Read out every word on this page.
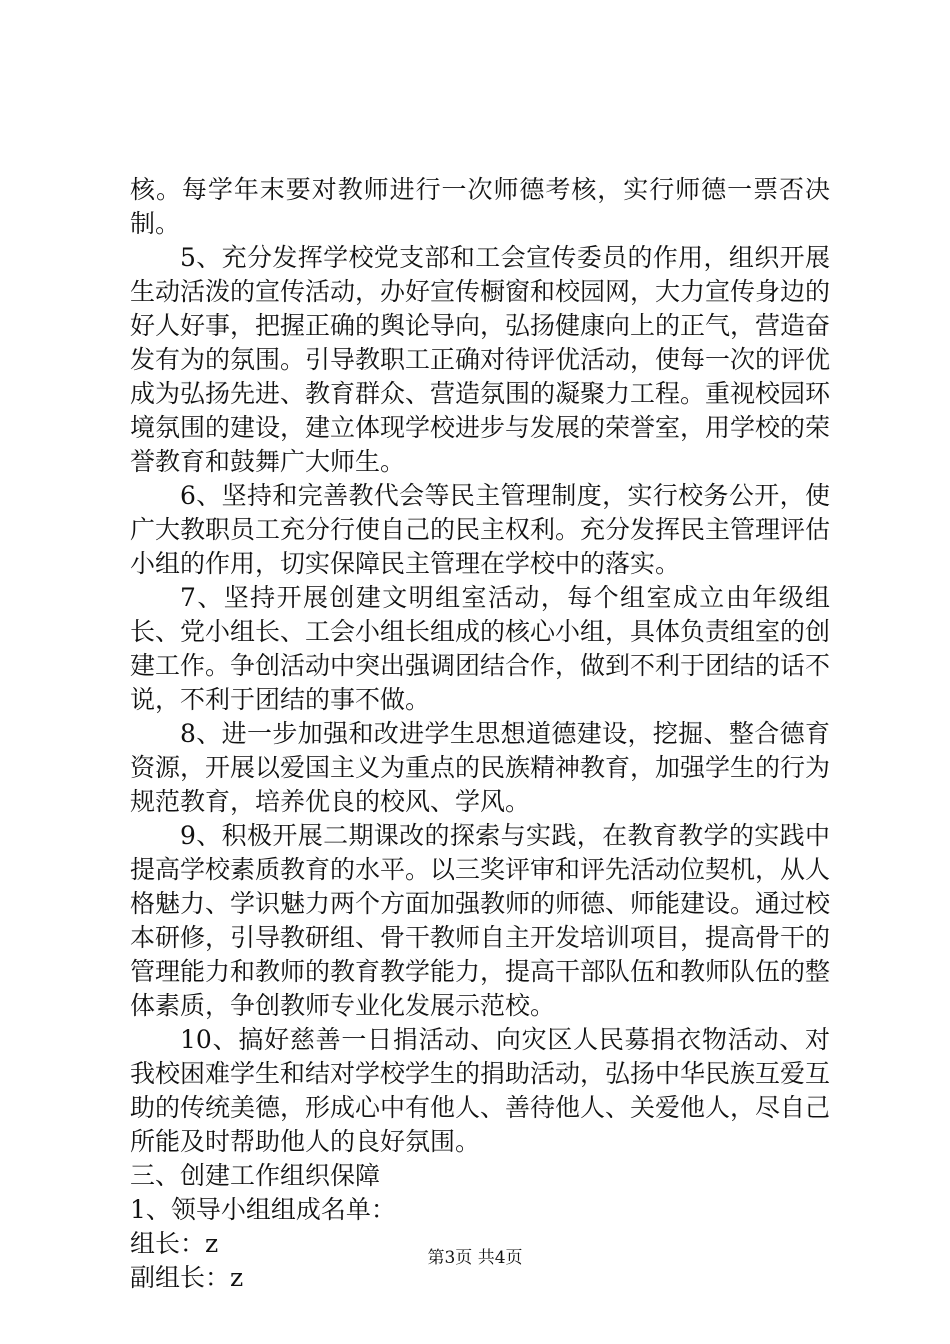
核。每学年末要对教师进行一次师德考核，实行师德一票否决制。

5、充分发挥学校党支部和工会宣传委员的作用，组织开展生动活泼的宣传活动，办好宣传橱窗和校园网，大力宣传身边的好人好事，把握正确的舆论导向，弘扬健康向上的正气，营造奋发有为的氛围。引导教职工正确对待评优活动，使每一次的评优成为弘扬先进、教育群众、营造氛围的凝聚力工程。重视校园环境氛围的建设，建立体现学校进步与发展的荣誉室，用学校的荣誉教育和鼓舞广大师生。

6、坚持和完善教代会等民主管理制度，实行校务公开，使广大教职员工充分行使自己的民主权利。充分发挥民主管理评估小组的作用，切实保障民主管理在学校中的落实。

7、坚持开展创建文明组室活动，每个组室成立由年级组长、党小组长、工会小组长组成的核心小组，具体负责组室的创建工作。争创活动中突出强调团结合作，做到不利于团结的话不说，不利于团结的事不做。

8、进一步加强和改进学生思想道德建设，挖掘、整合德育资源，开展以爱国主义为重点的民族精神教育，加强学生的行为规范教育，培养优良的校风、学风。

9、积极开展二期课改的探索与实践，在教育教学的实践中提高学校素质教育的水平。以三奖评审和评先活动位契机，从人格魅力、学识魅力两个方面加强教师的师德、师能建设。通过校本研修，引导教研组、骨干教师自主开发培训项目，提高骨干的管理能力和教师的教育教学能力，提高干部队伍和教师队伍的整体素质，争创教师专业化发展示范校。

10、搞好慈善一日捐活动、向灾区人民募捐衣物活动、对我校困难学生和结对学校学生的捐助活动，弘扬中华民族互爱互助的传统美德，形成心中有他人、善待他人、关爱他人，尽自己所能及时帮助他人的良好氛围。

三、创建工作组织保障

1、领导小组组成名单：

组长：z

副组长：z

第3页 共4页
